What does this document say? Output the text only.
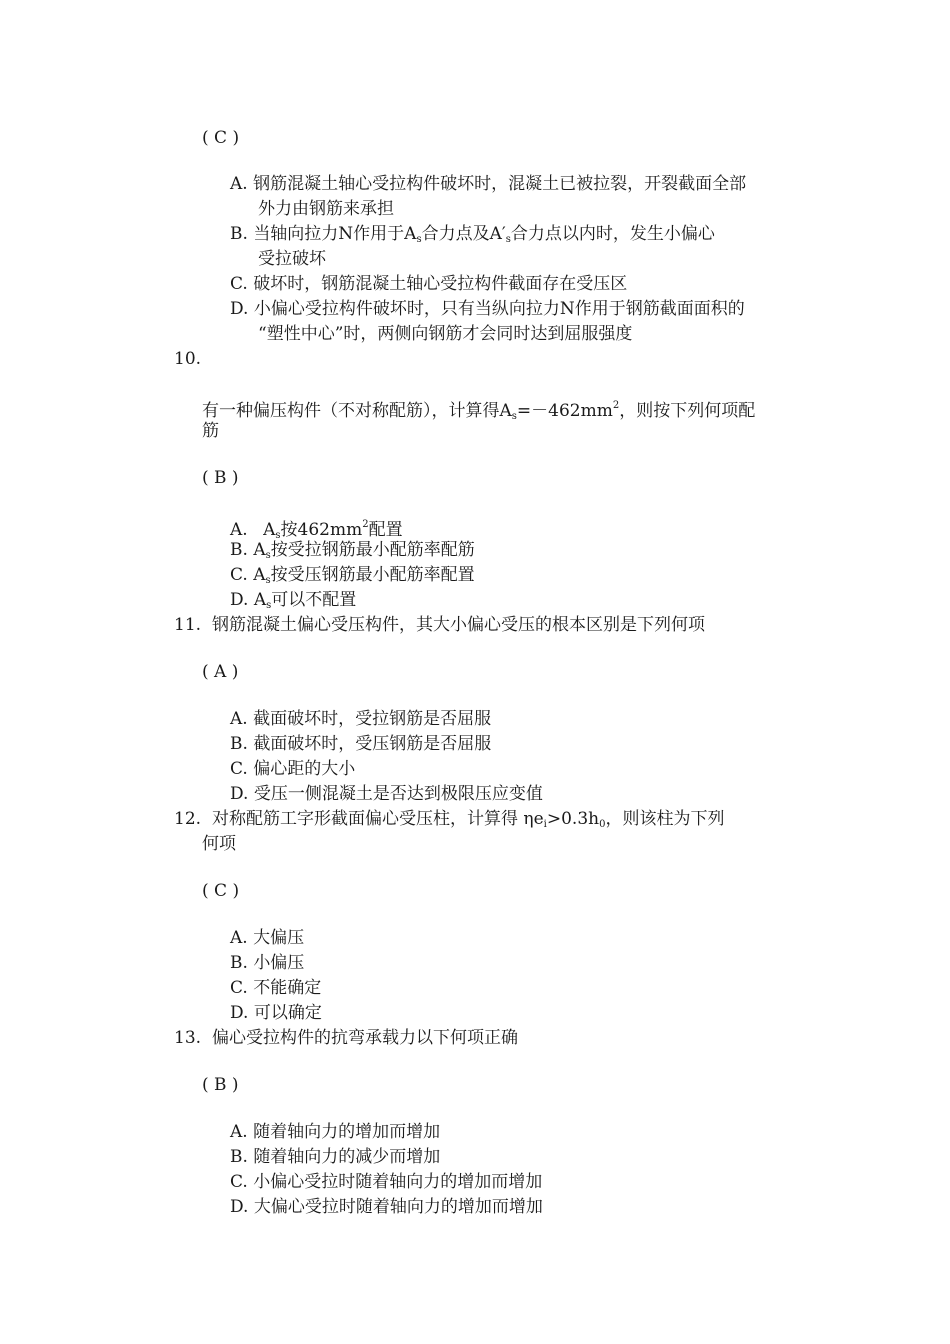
( C )
A. 钢筋混凝土轴心受拉构件破坏时，混凝土已被拉裂，开裂截面全部
外力由钢筋来承担
B. 当轴向拉力N作用于$A_s$合力点及$A'_s$合力点以内时，发生小偏心
受拉破坏
C. 破坏时，钢筋混凝土轴心受拉构件截面存在受压区
D. 小偏心受拉构件破坏时，只有当纵向拉力N作用于钢筋截面面积的
“塑性中心”时，两侧向钢筋才会同时达到屈服强度
10.
有一种偏压构件（不对称配筋），计算得$A_s=-462mm^2$，则按下列何项配
筋
( B )
A. $A_s$按$462mm^2$配置
B. $A_s$按受拉钢筋最小配筋率配筋
C. $A_s$按受压钢筋最小配筋率配置
D. $A_s$可以不配置
11. 钢筋混凝土偏心受压构件，其大小偏心受压的根本区别是下列何项
( A )
A. 截面破坏时，受拉钢筋是否屈服
B. 截面破坏时，受压钢筋是否屈服
C. 偏心距的大小
D. 受压一侧混凝土是否达到极限压应变值
12. 对称配筋工字形截面偏心受压柱，计算得 $\eta e_i>0.3h_0$，则该柱为下列
何项
( C )
A. 大偏压
B. 小偏压
C. 不能确定
D. 可以确定
13. 偏心受拉构件的抗弯承载力以下何项正确
( B )
A. 随着轴向力的增加而增加
B. 随着轴向力的减少而增加
C. 小偏心受拉时随着轴向力的增加而增加
D. 大偏心受拉时随着轴向力的增加而增加
